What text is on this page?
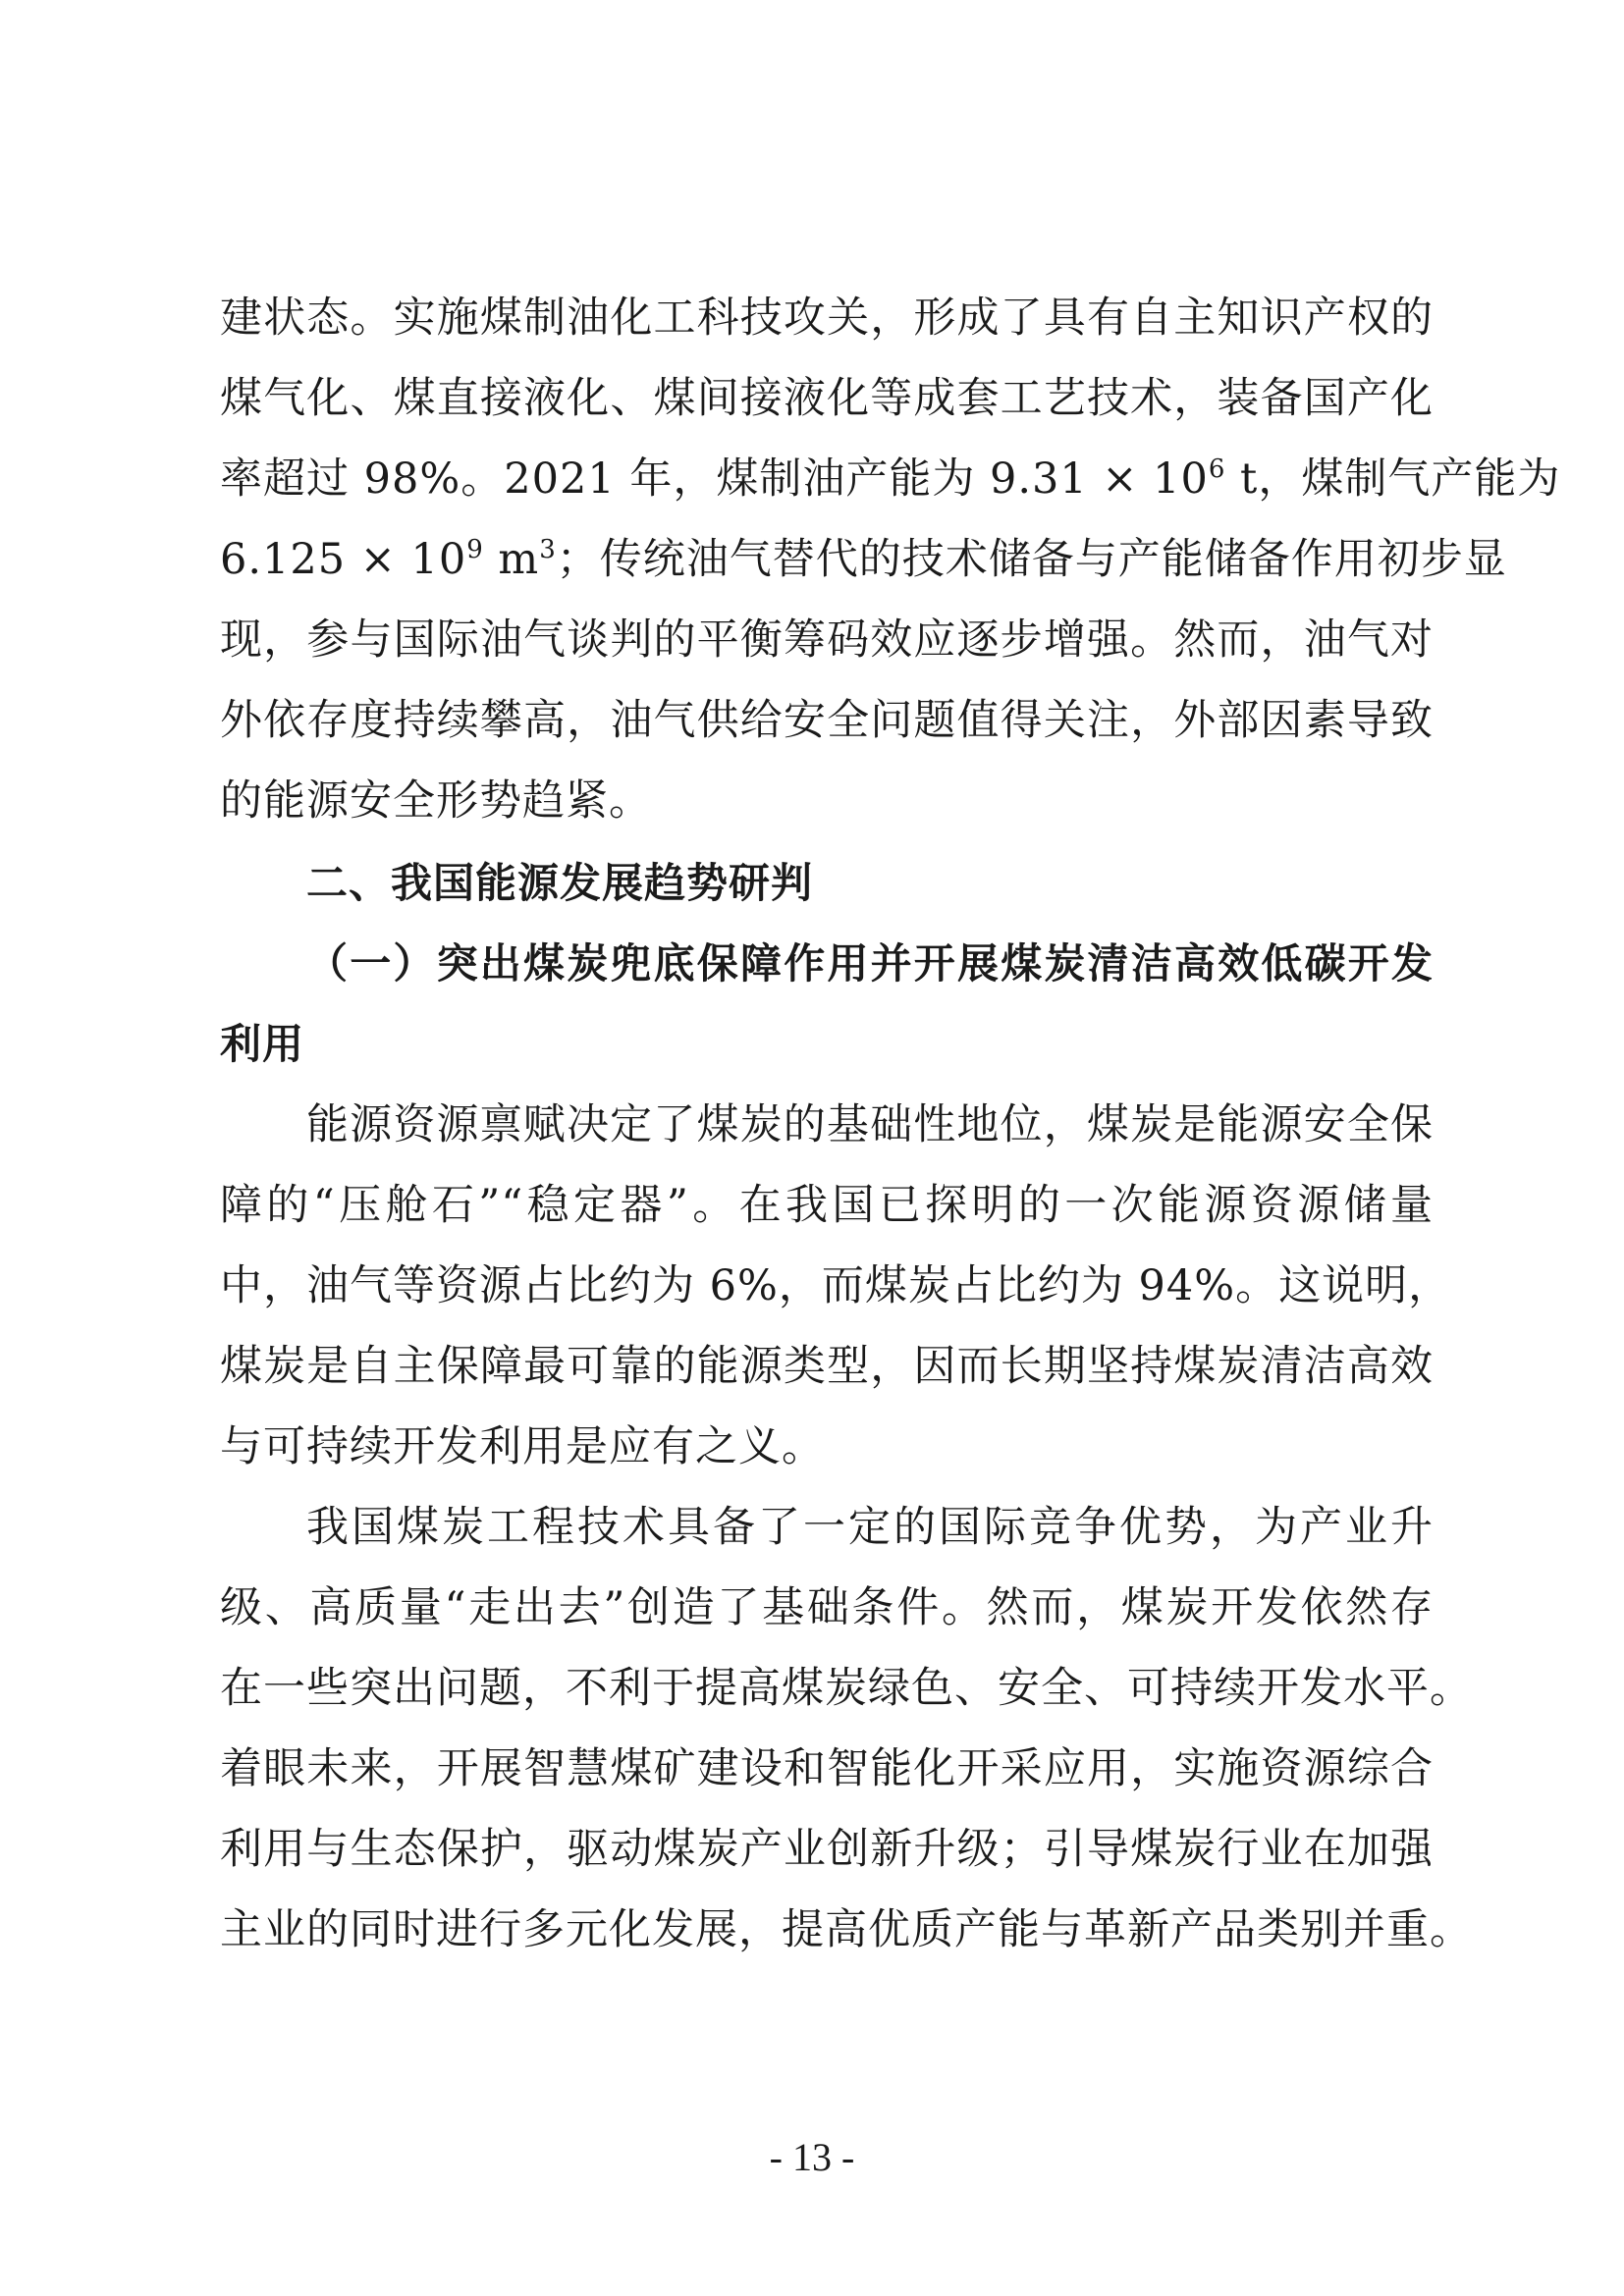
建状态。实施煤制油化工科技攻关，形成了具有自主知识产权的
煤气化、煤直接液化、煤间接液化等成套工艺技术，装备国产化
率超过 98%。2021 年，煤制油产能为 $9.31 \times 10^6$ t，煤制气产能为
$6.125 \times 10^9$ $m^3$；传统油气替代的技术储备与产能储备作用初步显
现，参与国际油气谈判的平衡筹码效应逐步增强。然而，油气对
外依存度持续攀高，油气供给安全问题值得关注，外部因素导致
的能源安全形势趋紧。
二、我国能源发展趋势研判
（一）突出煤炭兜底保障作用并开展煤炭清洁高效低碳开发
利用
能源资源禀赋决定了煤炭的基础性地位，煤炭是能源安全保
障的“压舱石”“稳定器”。在我国已探明的一次能源资源储量
中，油气等资源占比约为 6%，而煤炭占比约为 94%。这说明，
煤炭是自主保障最可靠的能源类型，因而长期坚持煤炭清洁高效
与可持续开发利用是应有之义。
我国煤炭工程技术具备了一定的国际竞争优势，为产业升
级、高质量“走出去”创造了基础条件。然而，煤炭开发依然存
在一些突出问题，不利于提高煤炭绿色、安全、可持续开发水平。
着眼未来，开展智慧煤矿建设和智能化开采应用，实施资源综合
利用与生态保护，驱动煤炭产业创新升级；引导煤炭行业在加强
主业的同时进行多元化发展，提高优质产能与革新产品类别并重。
- 13 -
